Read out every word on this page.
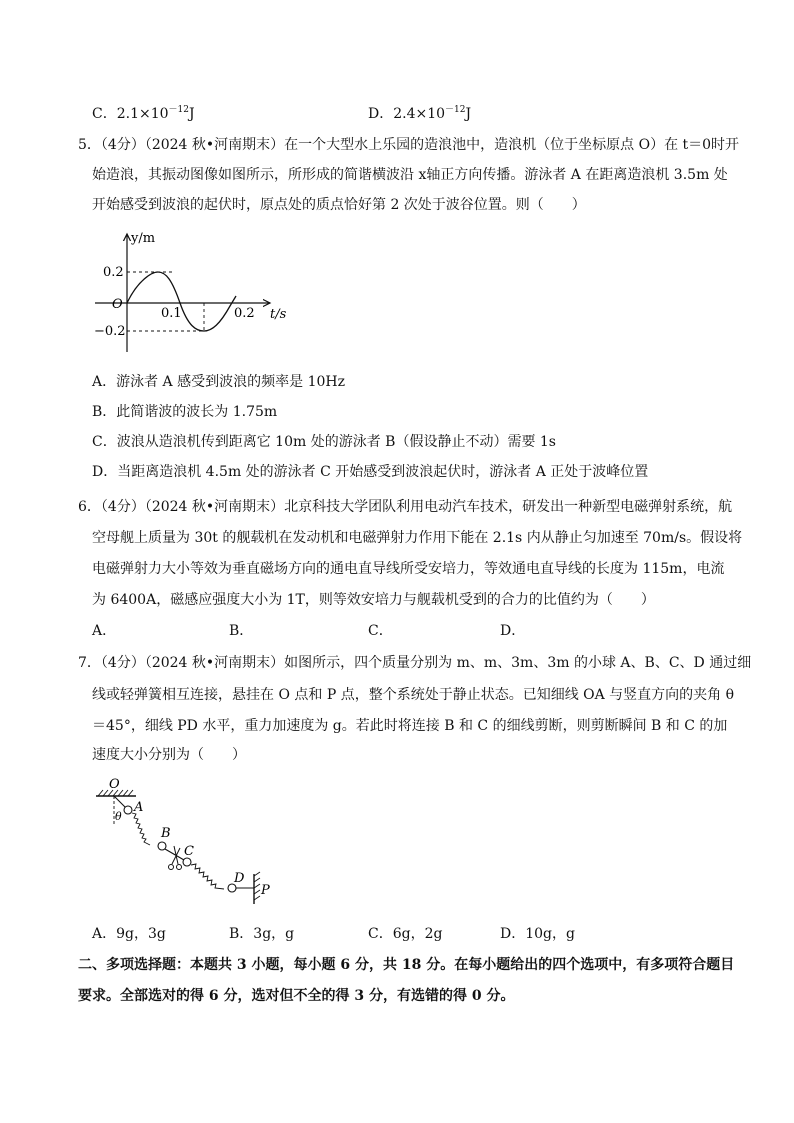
C．$2.1\times 10^{-12}J$	D．$2.4\times 10^{-12}J$
5．（4分）（2024 秋•河南期末）在一个大型水上乐园的造浪池中，造浪机（位于坐标原点 O）在 t＝0时开
始造浪，其振动图像如图所示，所形成的简谐横波沿 x轴正方向传播。游泳者 A 在距离造浪机 3.5m 处
开始感受到波浪的起伏时，原点处的质点恰好第 2 次处于波谷位置。则（　　）
y/m
t/s
O
0.2
−0.2
0.1	0.2
A．游泳者 A 感受到波浪的频率是 10Hz
B．此简谐波的波长为 1.75m
C．波浪从造浪机传到距离它 10m 处的游泳者 B（假设静止不动）需要 1s
D．当距离造浪机 4.5m 处的游泳者 C 开始感受到波浪起伏时，游泳者 A 正处于波峰位置
6．（4分）（2024 秋•河南期末）北京科技大学团队利用电动汽车技术，研发出一种新型电磁弹射系统，航
空母舰上质量为 30t 的舰载机在发动机和电磁弹射力作用下能在 2.1s 内从静止匀加速至 70m/s。假设将
电磁弹射力大小等效为垂直磁场方向的通电直导线所受安培力，等效通电直导线的长度为 115m，电流
为 6400A，磁感应强度大小为 1T，则等效安培力与舰载机受到的合力的比值约为（　　）
A．	B．	C．	D．
7．（4分）（2024 秋•河南期末）如图所示，四个质量分别为 m、m、3m、3m 的小球 A、B、C、D 通过细
线或轻弹簧相互连接，悬挂在 O 点和 P 点，整个系统处于静止状态。已知细线 OA 与竖直方向的夹角 θ
＝45°，细线 PD 水平，重力加速度为 g。若此时将连接 B 和 C 的细线剪断，则剪断瞬间 B 和 C 的加
速度大小分别为（　　）
O
A
B
C
D
P
θ
A．9g，3g	B．3g，g	C．6g，2g	D．10g，g
二、多项选择题：本题共 3 小题，每小题 6 分，共 18 分。在每小题给出的四个选项中，有多项符合题目
要求。全部选对的得 6 分，选对但不全的得 3 分，有选错的得 0 分。
